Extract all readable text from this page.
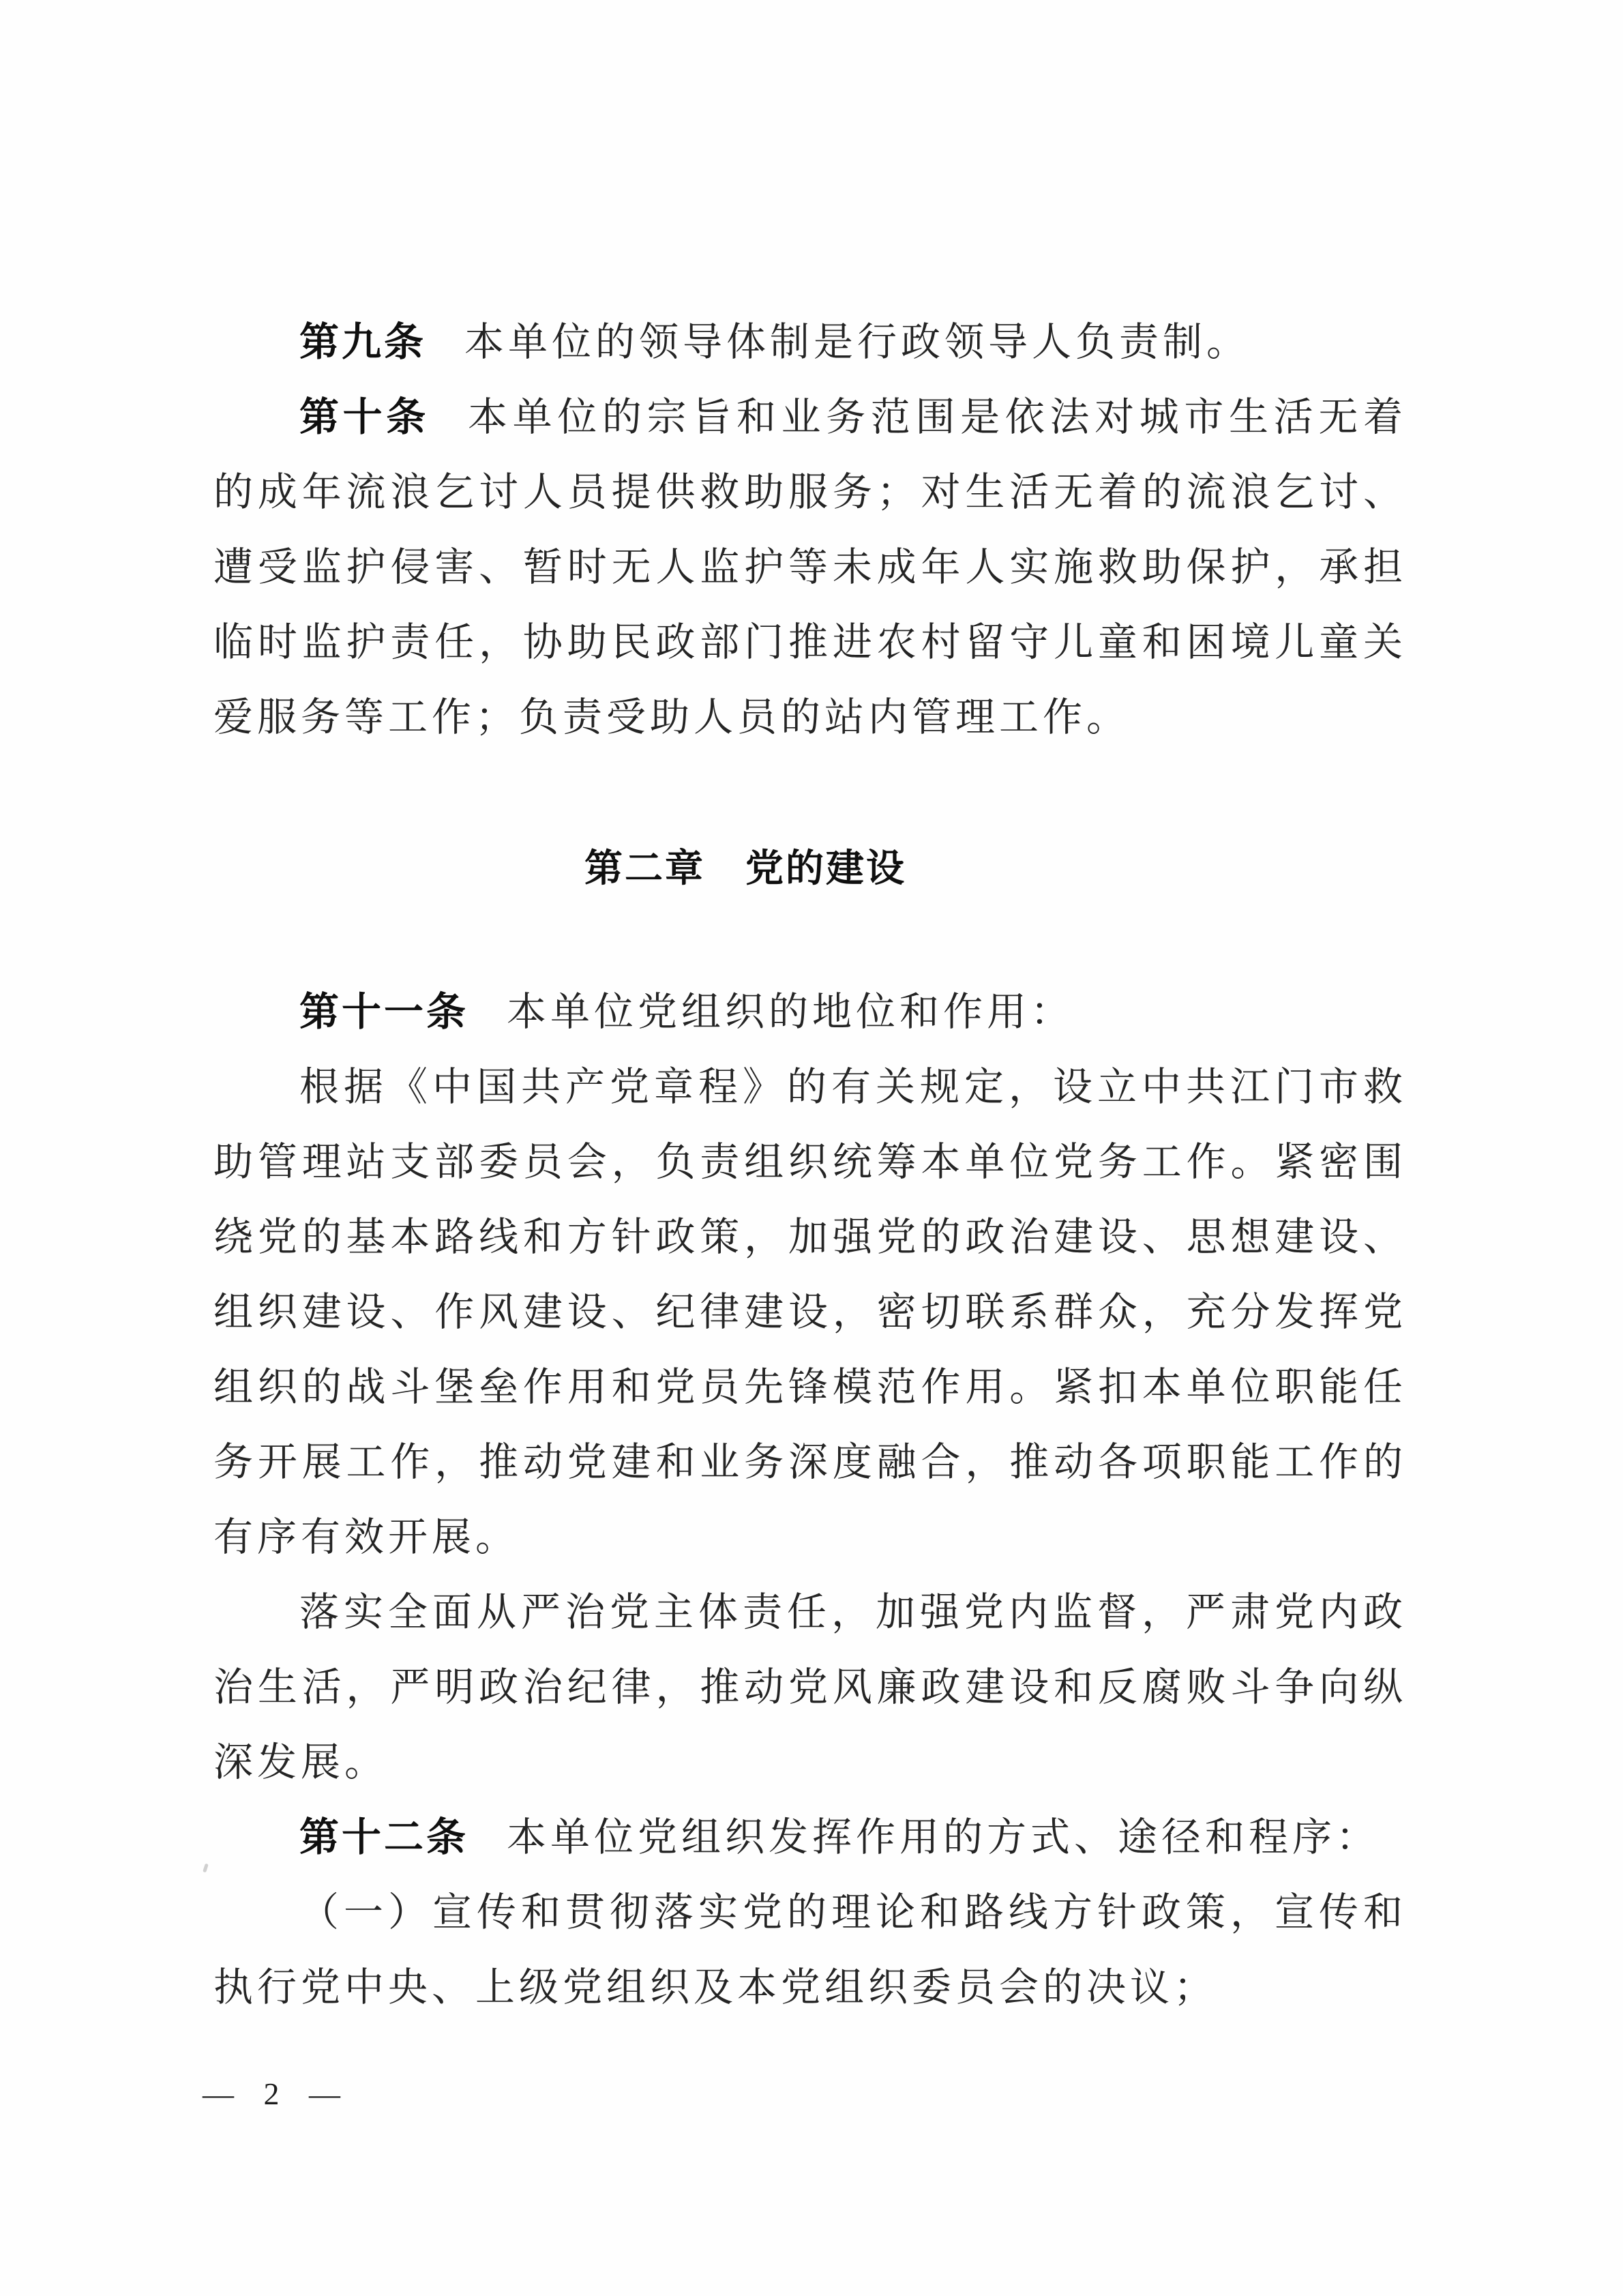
第九条 本单位的领导体制是行政领导人负责制。

第十条 本单位的宗旨和业务范围是依法对城市生活无着的成年流浪乞讨人员提供救助服务；对生活无着的流浪乞讨、遭受监护侵害、暂时无人监护等未成年人实施救助保护，承担临时监护责任，协助民政部门推进农村留守儿童和困境儿童关爱服务等工作；负责受助人员的站内管理工作。

第二章　党的建设

第十一条 本单位党组织的地位和作用：

根据《中国共产党章程》的有关规定，设立中共江门市救助管理站支部委员会，负责组织统筹本单位党务工作。紧密围绕党的基本路线和方针政策，加强党的政治建设、思想建设、组织建设、作风建设、纪律建设，密切联系群众，充分发挥党组织的战斗堡垒作用和党员先锋模范作用。紧扣本单位职能任务开展工作，推动党建和业务深度融合，推动各项职能工作的有序有效开展。

落实全面从严治党主体责任，加强党内监督，严肃党内政治生活，严明政治纪律，推动党风廉政建设和反腐败斗争向纵深发展。

第十二条 本单位党组织发挥作用的方式、途径和程序：

（一）宣传和贯彻落实党的理论和路线方针政策，宣传和执行党中央、上级党组织及本党组织委员会的决议；

— 2 —
